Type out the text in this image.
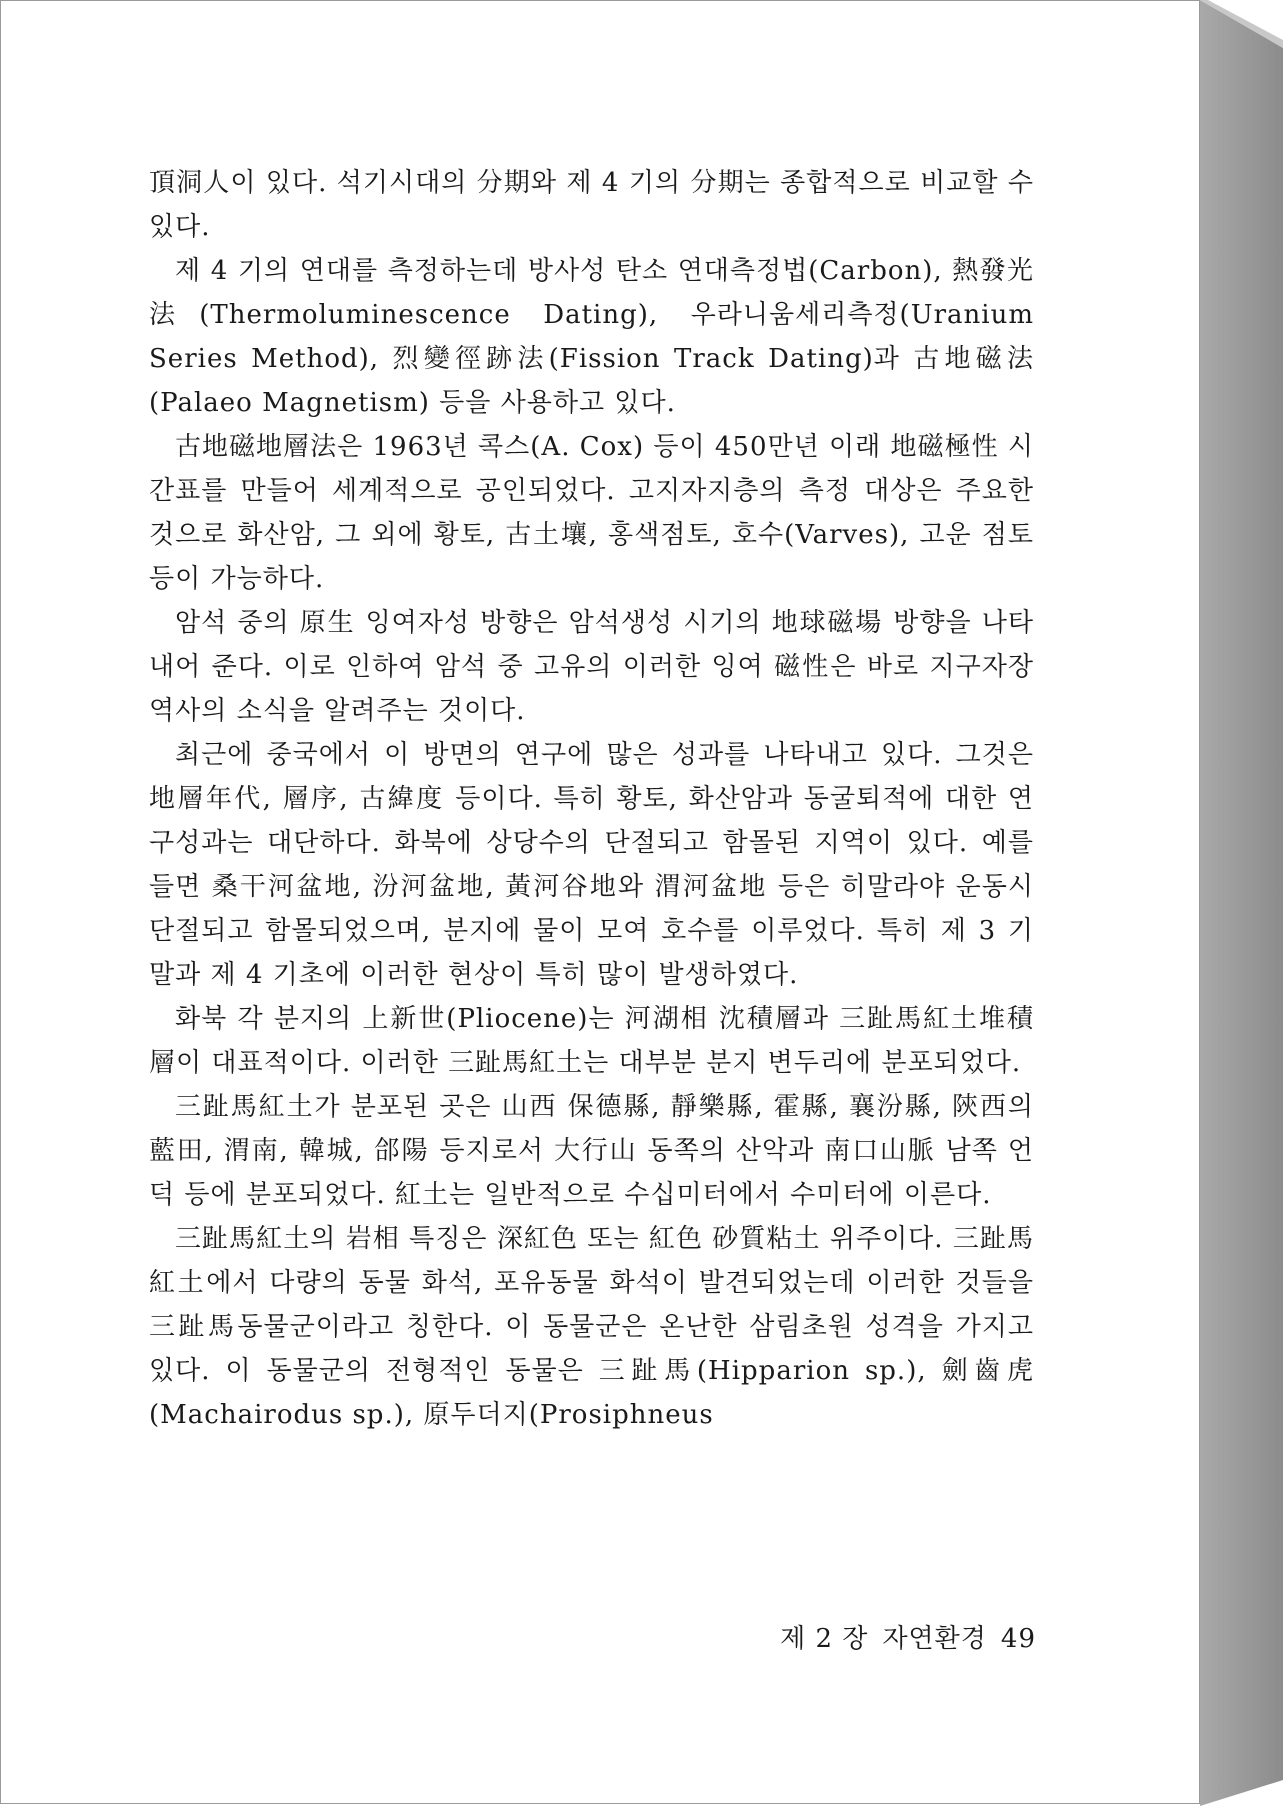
頂洞人이 있다. 석기시대의 分期와 제 4 기의 分期는 종합적으로 비교할 수 있다.

제 4 기의 연대를 측정하는데 방사성 탄소 연대측정법(Carbon), 熱發光法(Thermoluminescence Dating), 우라니움세리측정(Uranium Series Method), 烈變徑跡法(Fission Track Dating)과 古地磁法(Palaeo Magnetism) 등을 사용하고 있다.

古地磁地層法은 1963년 콕스(A. Cox) 등이 450만년 이래 地磁極性 시간표를 만들어 세계적으로 공인되었다. 고지자지층의 측정 대상은 주요한 것으로 화산암, 그 외에 황토, 古土壤, 홍색점토, 호수(Varves), 고운 점토 등이 가능하다.

암석 중의 原生 잉여자성 방향은 암석생성 시기의 地球磁場 방향을 나타내어 준다. 이로 인하여 암석 중 고유의 이러한 잉여 磁性은 바로 지구자장 역사의 소식을 알려주는 것이다.

최근에 중국에서 이 방면의 연구에 많은 성과를 나타내고 있다. 그것은 地層年代, 層序, 古緯度 등이다. 특히 황토, 화산암과 동굴퇴적에 대한 연구성과는 대단하다. 화북에 상당수의 단절되고 함몰된 지역이 있다. 예를 들면 桑干河盆地, 汾河盆地, 黃河谷地와 渭河盆地 등은 히말라야 운동시 단절되고 함몰되었으며, 분지에 물이 모여 호수를 이루었다. 특히 제 3 기말과 제 4 기초에 이러한 현상이 특히 많이 발생하였다.

화북 각 분지의 上新世(Pliocene)는 河湖相 沈積層과 三趾馬紅土堆積層이 대표적이다. 이러한 三趾馬紅土는 대부분 분지 변두리에 분포되었다.

三趾馬紅土가 분포된 곳은 山西 保德縣, 靜樂縣, 霍縣, 襄汾縣, 陝西의 藍田, 渭南, 韓城, 郃陽 등지로서 大行山 동쪽의 산악과 南口山脈 남쪽 언덕 등에 분포되었다. 紅土는 일반적으로 수십미터에서 수미터에 이른다.

三趾馬紅土의 岩相 특징은 深紅色 또는 紅色 砂質粘土 위주이다. 三趾馬紅土에서 다량의 동물 화석, 포유동물 화석이 발견되었는데 이러한 것들을 三趾馬동물군이라고 칭한다. 이 동물군은 온난한 삼림초원 성격을 가지고 있다. 이 동물군의 전형적인 동물은 三趾馬(Hipparion sp.), 劍齒虎(Machairodus sp.), 原두더지(Prosiphneus

제 2 장 자연환경 49
